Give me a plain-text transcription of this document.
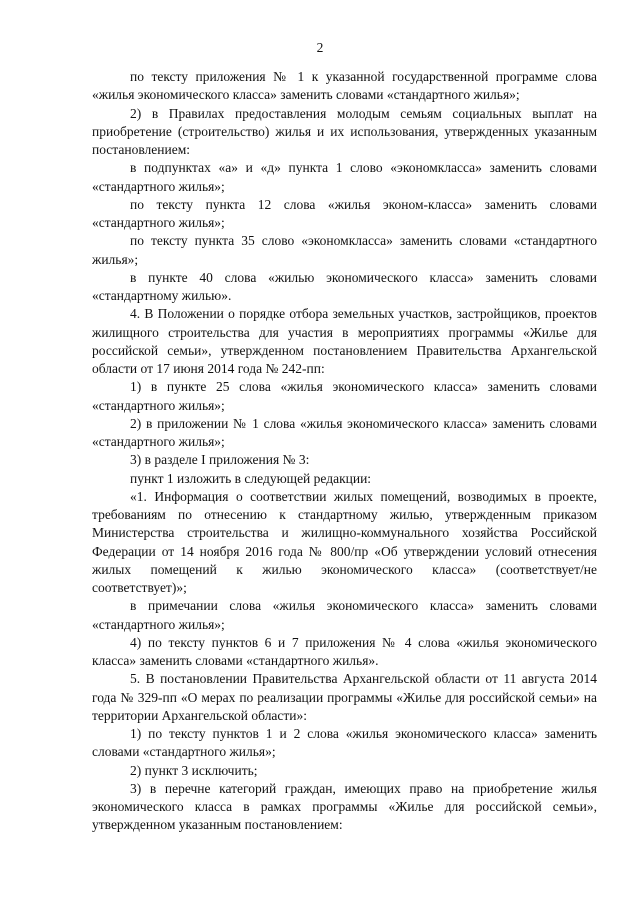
2

по тексту приложения № 1 к указанной государственной программе слова «жилья экономического класса» заменить словами «стандартного жилья»;

2) в Правилах предоставления молодым семьям социальных выплат на приобретение (строительство) жилья и их использования, утвержденных указанным постановлением:

в подпунктах «а» и «д» пункта 1 слово «экономкласса» заменить словами «стандартного жилья»;

по тексту пункта 12 слова «жилья эконом-класса» заменить словами «стандартного жилья»;

по тексту пункта 35 слово «экономкласса» заменить словами «стандартного жилья»;

в пункте 40 слова «жилью экономического класса» заменить словами «стандартному жилью».

4. В Положении о порядке отбора земельных участков, застройщиков, проектов жилищного строительства для участия в мероприятиях программы «Жилье для российской семьи», утвержденном постановлением Правительства Архангельской области от 17 июня 2014 года № 242-пп:

1) в пункте 25 слова «жилья экономического класса» заменить словами «стандартного жилья»;

2) в приложении № 1 слова «жилья экономического класса» заменить словами «стандартного жилья»;

3) в разделе I приложения № 3:

пункт 1 изложить в следующей редакции:

«1. Информация о соответствии жилых помещений, возводимых в проекте, требованиям по отнесению к стандартному жилью, утвержденным приказом Министерства строительства и жилищно-коммунального хозяйства Российской Федерации от 14 ноября 2016 года № 800/пр «Об утверждении условий отнесения жилых помещений к жилью экономического класса» (соответствует/не соответствует)»;

в примечании слова «жилья экономического класса» заменить словами «стандартного жилья»;

4) по тексту пунктов 6 и 7 приложения № 4 слова «жилья экономического класса» заменить словами «стандартного жилья».

5. В постановлении Правительства Архангельской области от 11 августа 2014 года № 329-пп «О мерах по реализации программы «Жилье для российской семьи» на территории Архангельской области»:

1) по тексту пунктов 1 и 2 слова «жилья экономического класса» заменить словами «стандартного жилья»;

2) пункт 3 исключить;

3) в перечне категорий граждан, имеющих право на приобретение жилья экономического класса в рамках программы «Жилье для российской семьи», утвержденном указанным постановлением:
